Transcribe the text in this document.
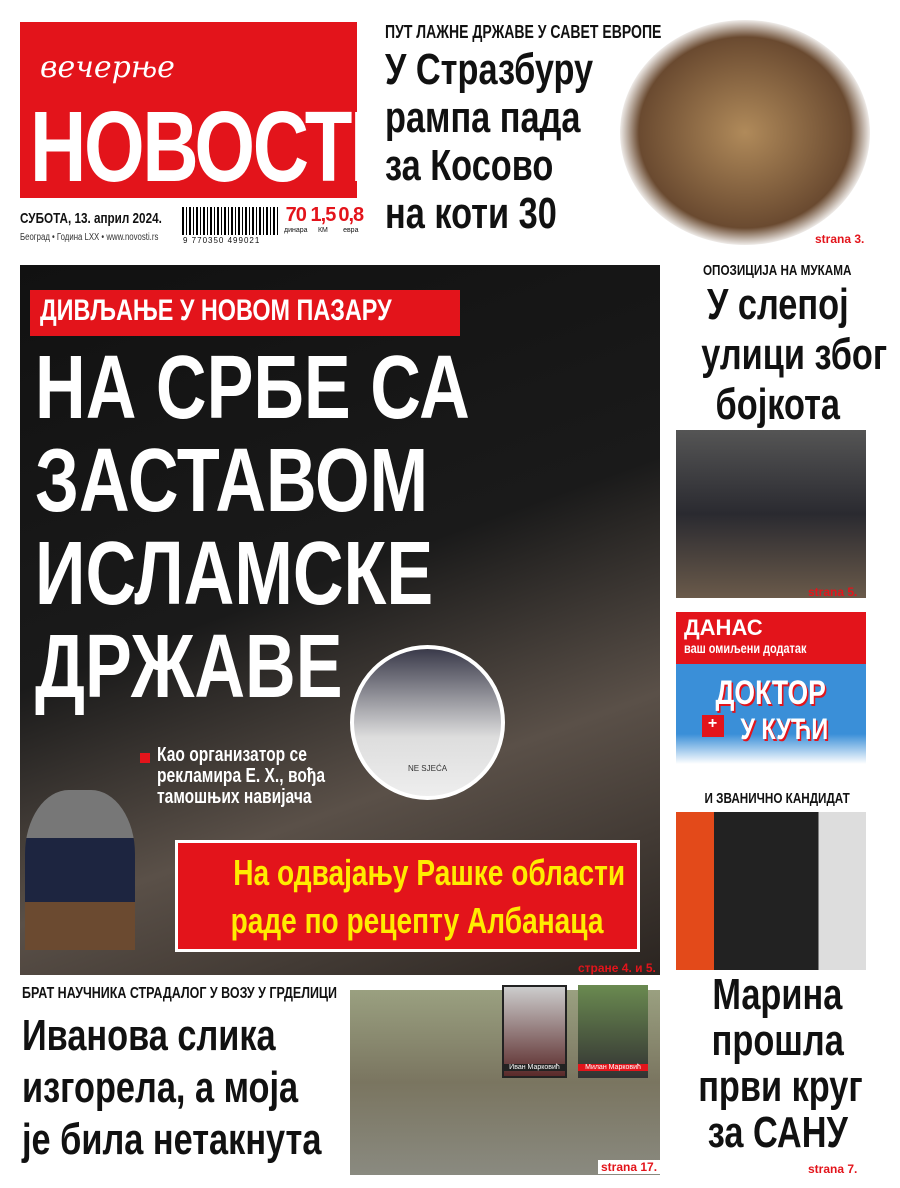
вечерње
НОВОСТИ
СУБОТА, 13. април 2024.
Београд • Година LXX • www.novosti.rs	9 770350 499021
70
динара
1,5
КМ
0,8
евра
ПУТ ЛАЖНЕ ДРЖАВЕ У САВЕТ ЕВРОПЕ
У Стразбуру
рампа пада
за Косово
на коти 30
strana 3.
ДИВЉАЊЕ У НОВОМ ПАЗАРУ
НА СРБЕ СА
ЗАСТАВОМ
ИСЛАМСКЕ
ДРЖАВЕ
NE SJEĆA
Као организатор се
рекламира Е. Х., вођа
тамошњих навијача
На одвајању Рашке области
раде по рецепту Албанаца
стране 4. и 5.
ОПОЗИЦИЈА НА МУКАМА
У слепој
улици због
бојкота
strana 5.
ДАНАС
ваш омиљени додатак
ДОКТОР
+ У КУЋИ
И ЗВАНИЧНО КАНДИДАТ
Марина
прошла
први круг
за САНУ
strana 7.
БРАТ НАУЧНИКА СТРАДАЛОГ У ВОЗУ У ГРДЕЛИЦИ
Иванова слика
изгорела, а моја
је била нетакнута
Иван Марковић	Милан Марковић
strana 17.
